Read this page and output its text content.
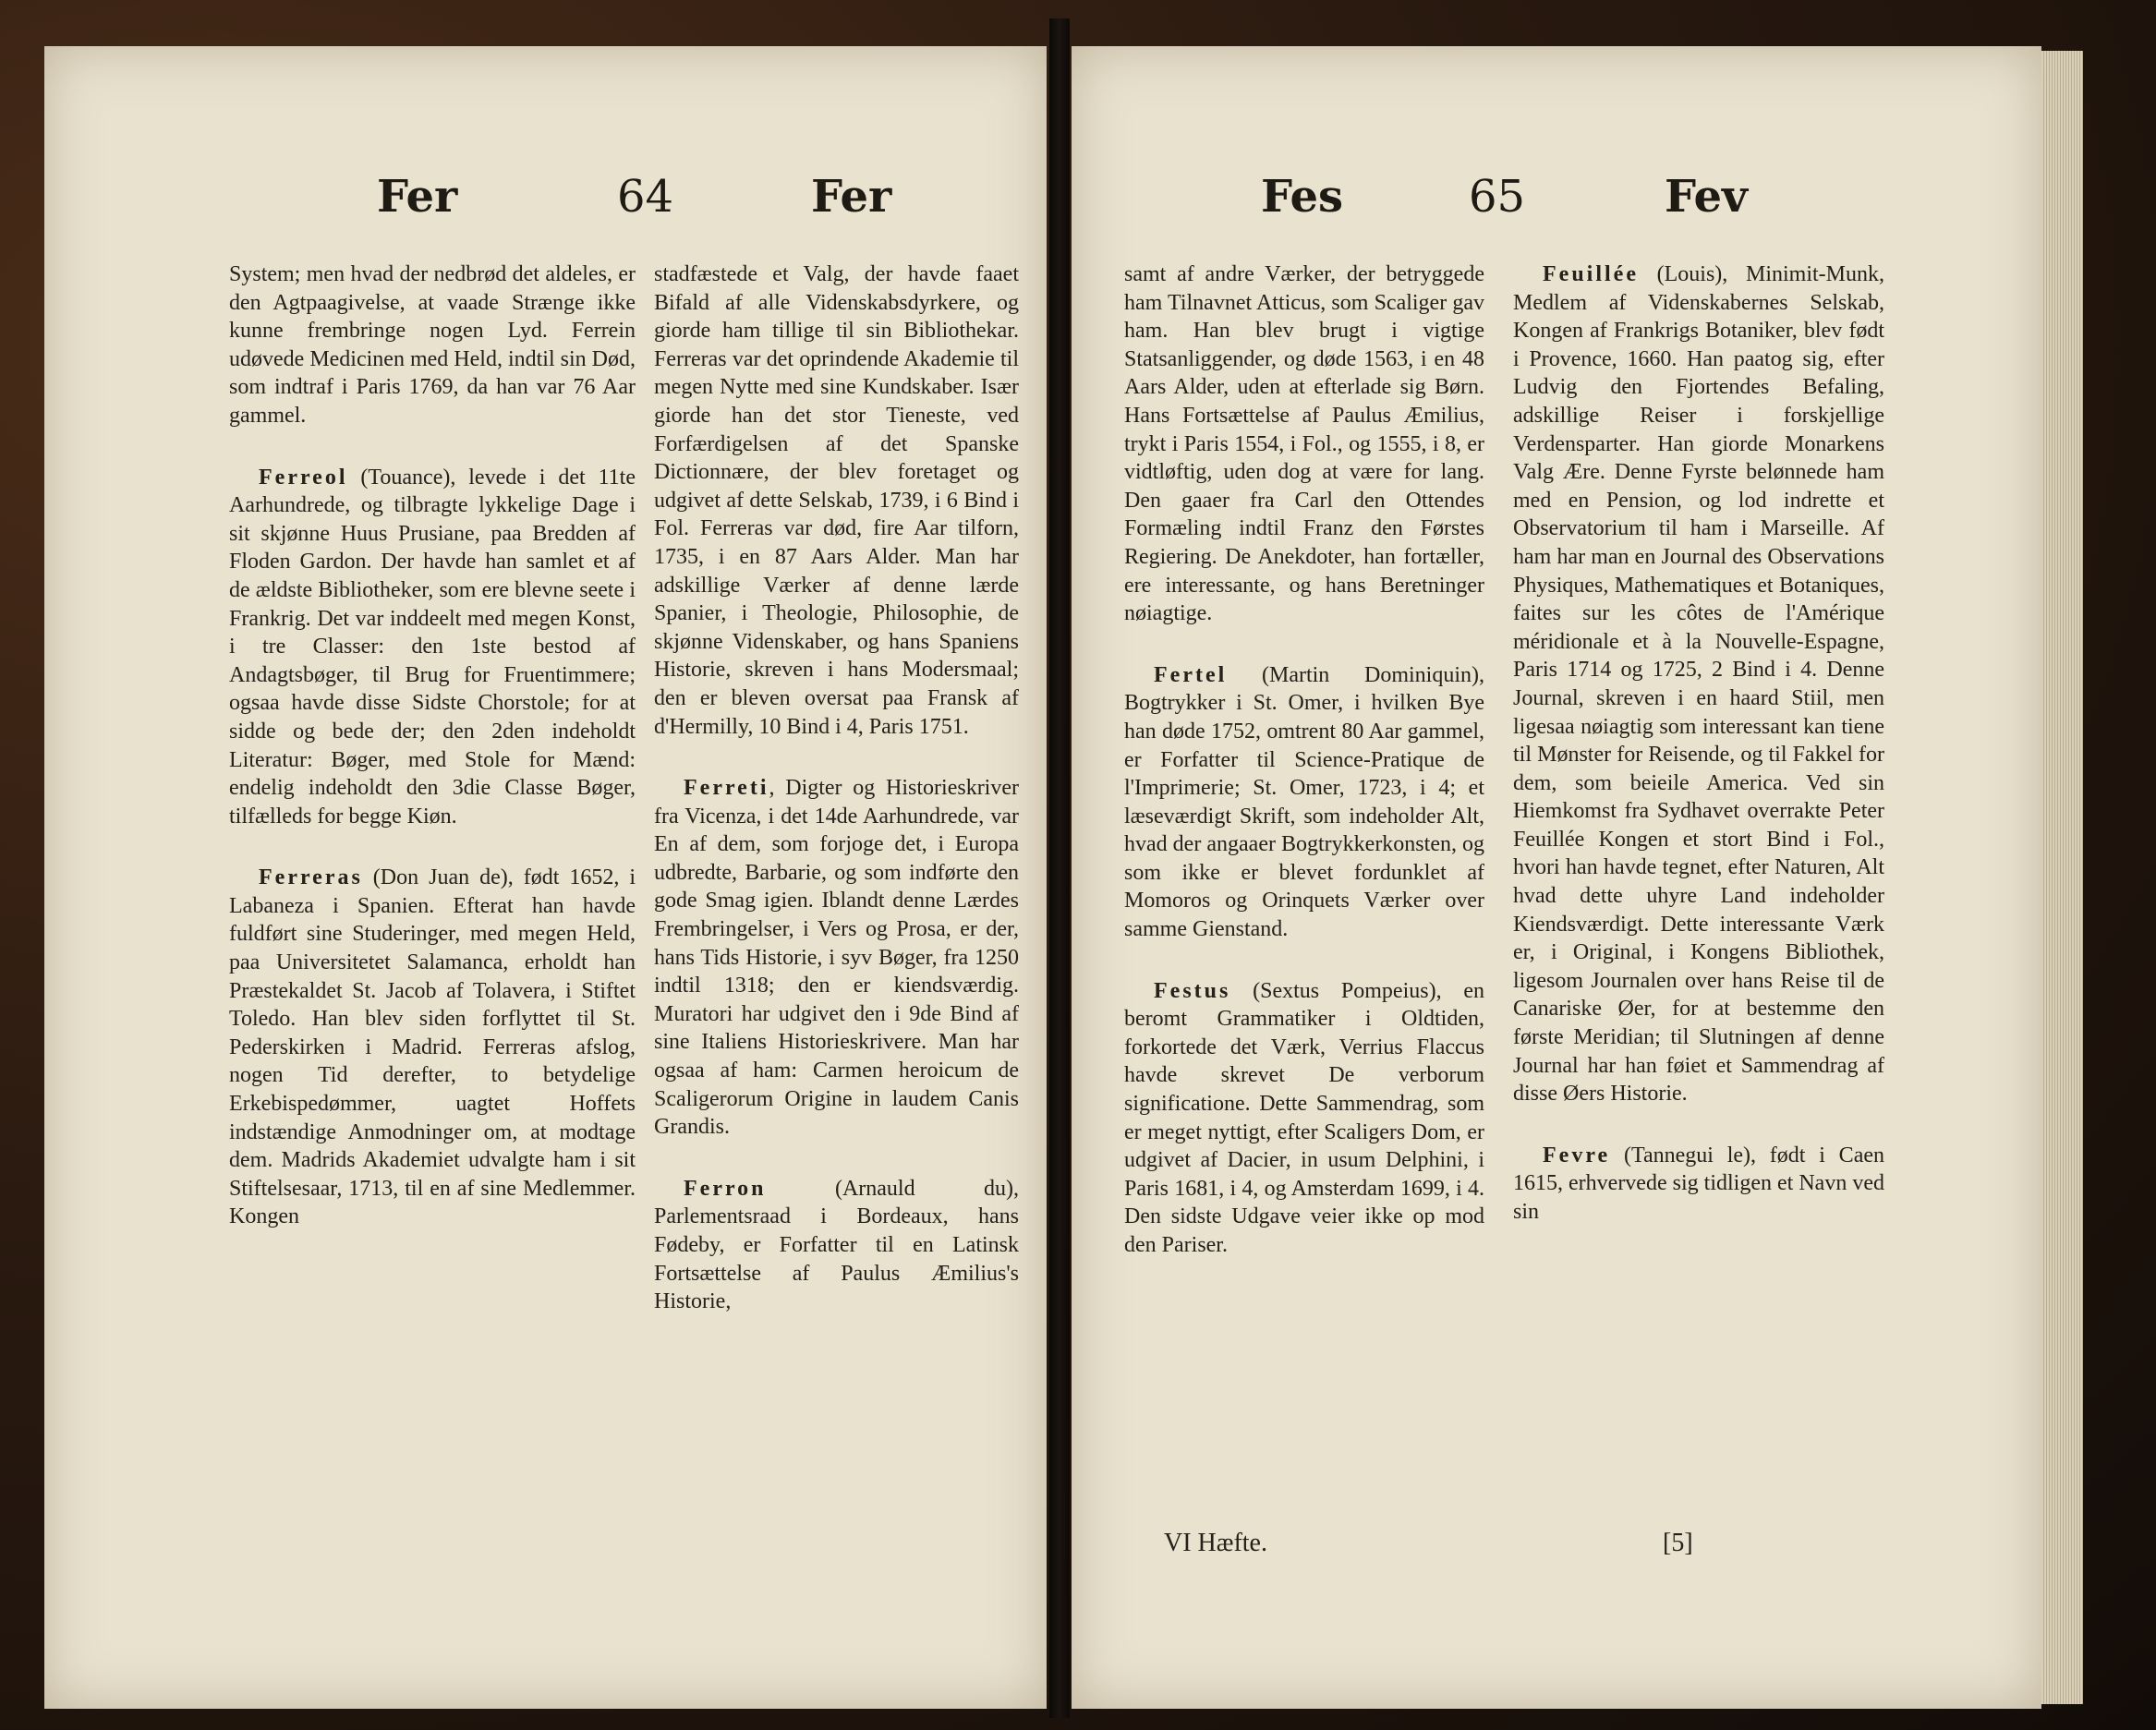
Fer	64	Fer

System; men hvad der nedbrød det aldeles, er den Agtpaagivelse, at vaade Strænge ikke kunne frembringe nogen Lyd. Ferrein udøvede Medicinen med Held, indtil sin Død, som indtraf i Paris 1769, da han var 76 Aar gammel.

Ferreol (Touance), levede i det 11te Aarhundrede, og tilbragte lykkelige Dage i sit skjønne Huus Prusiane, paa Bredden af Floden Gardon. Der havde han samlet et af de ældste Bibliotheker, som ere blevne seete i Frankrig. Det var inddeelt med megen Konst, i tre Classer: den 1ste bestod af Andagtsbøger, til Brug for Fruentimmere; ogsaa havde disse Sidste Chorstole; for at sidde og bede der; den 2den indeholdt Literatur: Bøger, med Stole for Mænd: endelig indeholdt den 3die Classe Bøger, tilfælleds for begge Kiøn.

Ferreras (Don Juan de), født 1652, i Labaneza i Spanien. Efterat han havde fuldført sine Studeringer, med megen Held, paa Universitetet Salamanca, erholdt han Præstekaldet St. Jacob af Tolavera, i Stiftet Toledo. Han blev siden forflyttet til St. Pederskirken i Madrid. Ferreras afslog, nogen Tid derefter, to betydelige Erkebispedømmer, uagtet Hoffets indstændige Anmodninger om, at modtage dem. Madrids Akademiet udvalgte ham i sit Stiftelsesaar, 1713, til en af sine Medlemmer. Kongen

stadfæstede et Valg, der havde faaet Bifald af alle Videnskabsdyrkere, og giorde ham tillige til sin Bibliothekar. Ferreras var det oprindende Akademie til megen Nytte med sine Kundskaber. Især giorde han det stor Tieneste, ved Forfærdigelsen af det Spanske Dictionnære, der blev foretaget og udgivet af dette Selskab, 1739, i 6 Bind i Fol. Ferreras var død, fire Aar tilforn, 1735, i en 87 Aars Alder. Man har adskillige Værker af denne lærde Spanier, i Theologie, Philosophie, de skjønne Videnskaber, og hans Spaniens Historie, skreven i hans Modersmaal; den er bleven oversat paa Fransk af d'Hermilly, 10 Bind i 4, Paris 1751.

Ferreti, Digter og Historieskriver fra Vicenza, i det 14de Aarhundrede, var En af dem, som forjoge det, i Europa udbredte, Barbarie, og som indførte den gode Smag igien. Iblandt denne Lærdes Frembringelser, i Vers og Prosa, er der, hans Tids Historie, i syv Bøger, fra 1250 indtil 1318; den er kiendsværdig. Muratori har udgivet den i 9de Bind af sine Italiens Historieskrivere. Man har ogsaa af ham: Carmen heroicum de Scaligerorum Origine in laudem Canis Grandis.

Ferron (Arnauld du), Parlementsraad i Bordeaux, hans Fødeby, er Forfatter til en Latinsk Fortsættelse af Paulus Æmilius's Historie,

Fes	65	Fev

samt af andre Værker, der betryggede ham Tilnavnet Atticus, som Scaliger gav ham. Han blev brugt i vigtige Statsanliggender, og døde 1563, i en 48 Aars Alder, uden at efterlade sig Børn. Hans Fortsættelse af Paulus Æmilius, trykt i Paris 1554, i Fol., og 1555, i 8, er vidtløftig, uden dog at være for lang. Den gaaer fra Carl den Ottendes Formæling indtil Franz den Førstes Regiering. De Anekdoter, han fortæller, ere interessante, og hans Beretninger nøiagtige.

Fertel (Martin Dominiquin), Bogtrykker i St. Omer, i hvilken Bye han døde 1752, omtrent 80 Aar gammel, er Forfatter til Science-Pratique de l'Imprimerie; St. Omer, 1723, i 4; et læseværdigt Skrift, som indeholder Alt, hvad der angaaer Bogtrykkerkonsten, og som ikke er blevet fordunklet af Momoros og Orinquets Værker over samme Gienstand.

Festus (Sextus Pompeius), en beromt Grammatiker i Oldtiden, forkortede det Værk, Verrius Flaccus havde skrevet De verborum significatione. Dette Sammendrag, som er meget nyttigt, efter Scaligers Dom, er udgivet af Dacier, in usum Delphini, i Paris 1681, i 4, og Amsterdam 1699, i 4. Den sidste Udgave veier ikke op mod den Pariser.

Feuillée (Louis), Minimit-Munk, Medlem af Videnskabernes Selskab, Kongen af Frankrigs Botaniker, blev født i Provence, 1660. Han paatog sig, efter Ludvig den Fjortendes Befaling, adskillige Reiser i forskjellige Verdensparter. Han giorde Monarkens Valg Ære. Denne Fyrste belønnede ham med en Pension, og lod indrette et Observatorium til ham i Marseille. Af ham har man en Journal des Observations Physiques, Mathematiques et Botaniques, faites sur les côtes de l'Amérique méridionale et à la Nouvelle-Espagne, Paris 1714 og 1725, 2 Bind i 4. Denne Journal, skreven i en haard Stiil, men ligesaa nøiagtig som interessant kan tiene til Mønster for Reisende, og til Fakkel for dem, som beieile America. Ved sin Hiemkomst fra Sydhavet overrakte Peter Feuillée Kongen et stort Bind i Fol., hvori han havde tegnet, efter Naturen, Alt hvad dette uhyre Land indeholder Kiendsværdigt. Dette interessante Værk er, i Original, i Kongens Bibliothek, ligesom Journalen over hans Reise til de Canariske Øer, for at bestemme den første Meridian; til Slutningen af denne Journal har han føiet et Sammendrag af disse Øers Historie.

Fevre (Tannegui le), født i Caen 1615, erhvervede sig tidligen et Navn ved sin

VI Hæfte.	[5]
